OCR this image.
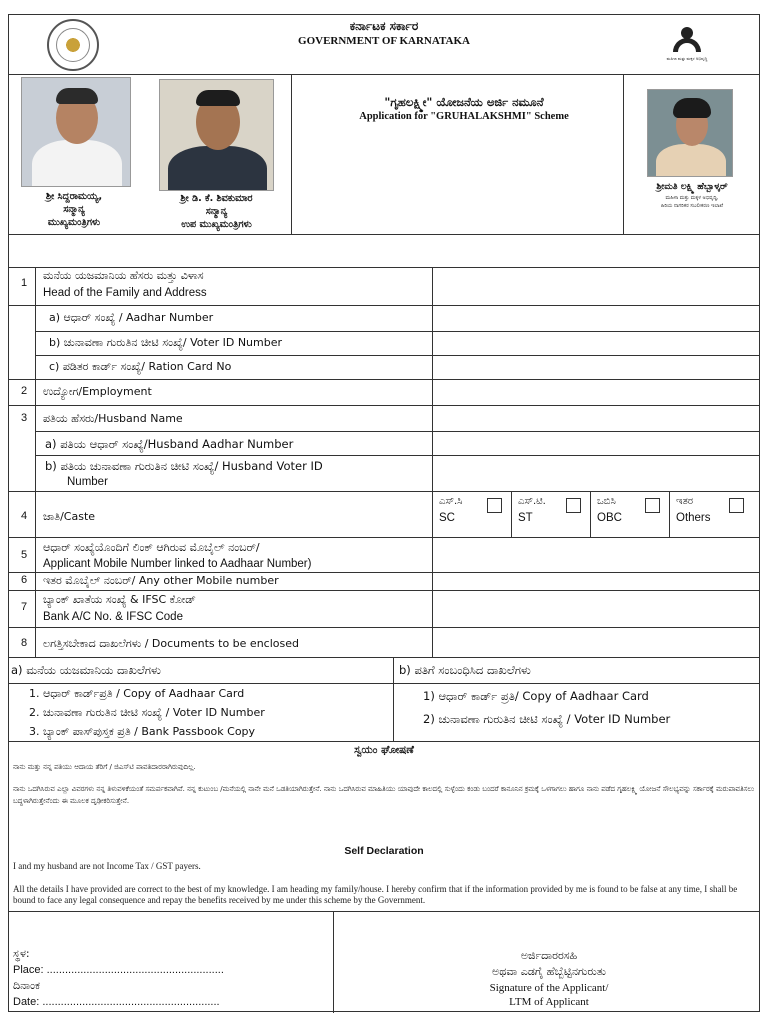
ಕರ್ನಾಟಕ ಸರ್ಕಾರ
GOVERNMENT OF KARNATAKA
ಮಹಿಳಾ ಮತ್ತು ಮಕ್ಕಳ ಅಭಿವೃದ್ಧಿ
ಶ್ರೀ ಸಿದ್ದರಾಮಯ್ಯ,
ಸನ್ಮಾನ್ಯ
ಮುಖ್ಯಮಂತ್ರಿಗಳು
ಶ್ರೀ ಡಿ. ಕೆ. ಶಿವಕುಮಾರ
ಸನ್ಮಾನ್ಯ
ಉಪ ಮುಖ್ಯಮಂತ್ರಿಗಳು
"ಗೃಹಲಕ್ಷ್ಮೀ" ಯೋಜನೆಯ ಅರ್ಜಿ ನಮೂನೆ
Application for "GRUHALAKSHMI" Scheme
ಶ್ರೀಮತಿ ಲಕ್ಷ್ಮಿ ಹೆಬ್ಬಾಳ್ಕರ್
ಮಹಿಳಾ ಮತ್ತು ಮಕ್ಕಳ ಅಭಿವೃದ್ಧಿ,
ಹಿರಿಯ ನಾಗರಿಕರ ಸಬಲೀಕರಣ ಇಲಾಖೆ
1
ಮನೆಯ ಯಜಮಾನಿಯ ಹೆಸರು ಮತ್ತು ವಿಳಾಸ
Head of the Family and Address
a) ಆಧಾರ್ ಸಂಖ್ಯೆ / Aadhar Number
b) ಚುನಾವಣಾ ಗುರುತಿನ ಚೀಟಿ ಸಂಖ್ಯೆ/ Voter ID Number
c) ಪಡಿತರ ಕಾರ್ಡ್ ಸಂಖ್ಯೆ/ Ration Card No
2	ಉದ್ಯೋಗ/Employment
3	ಪತಿಯ ಹೆಸರು/Husband Name
a) ಪತಿಯ ಆಧಾರ್ ಸಂಖ್ಯೆ/Husband Aadhar Number
b) ಪತಿಯ ಚುನಾವಣಾ ಗುರುತಿನ ಚೀಟಿ ಸಂಖ್ಯೆ/ Husband Voter ID
Number
4	ಜಾತಿ/Caste
ಎಸ್.ಸಿ
SC
ಎಸ್.ಟಿ.
ST
ಒಬಿಸಿ
OBC
ಇತರ
Others
5
ಆಧಾರ್ ಸಂಖ್ಯೆಯೊಂದಿಗೆ ಲಿಂಕ್ ಆಗಿರುವ ಮೊಬೈಲ್ ನಂಬರ್/
Applicant Mobile Number linked to Aadhaar Number)
6	ಇತರ ಮೊಬೈಲ್ ನಂಬರ್/ Any other Mobile number
7
ಬ್ಯಾಂಕ್ ಖಾತೆಯ ಸಂಖ್ಯೆ & IFSC ಕೋಡ್
Bank A/C No. & IFSC Code
8	ಲಗತ್ತಿಸಬೇಕಾದ ದಾಖಲೆಗಳು / Documents to be enclosed
a) ಮನೆಯ ಯಜಮಾನಿಯ ದಾಖಲೆಗಳು	b) ಪತಿಗೆ ಸಂಬಂಧಿಸಿದ ದಾಖಲೆಗಳು
1. ಆಧಾರ್ ಕಾರ್ಡ್‌ಪ್ರತಿ / Copy of Aadhaar Card
2. ಚುನಾವಣಾ ಗುರುತಿನ ಚೀಟಿ ಸಂಖ್ಯೆ / Voter ID Number
3. ಬ್ಯಾಂಕ್ ಪಾಸ್‌ಪುಸ್ತಕ ಪ್ರತಿ / Bank Passbook Copy
1) ಆಧಾರ್ ಕಾರ್ಡ್ ಪ್ರತಿ/ Copy of Aadhaar Card
2) ಚುನಾವಣಾ ಗುರುತಿನ ಚೀಟಿ ಸಂಖ್ಯೆ / Voter ID Number
ಸ್ವಯಂ ಘೋಷಣೆ
ನಾನು ಮತ್ತು ನನ್ನ ಪತಿಯು ಆದಾಯ ತೆರಿಗೆ / ಜಿಎಸ್‌ಟಿ ಪಾವತಿದಾರರಾಗಿರುವುದಿಲ್ಲ.
ನಾನು ಒದಗಿಸಿರುವ ಎಲ್ಲಾ ವಿವರಗಳು ನನ್ನ ತಿಳುವಳಿಕೆಯಂತೆ ಸಮರ್ಪಕವಾಗಿವೆ. ನನ್ನ ಕುಟುಂಬ /ಮನೆಯಲ್ಲಿ ನಾನೇ ಮನೆ ಒಡತಿಯಾಗಿರುತ್ತೇನೆ. ನಾನು ಒದಗಿಸಿರುವ ಮಾಹಿತಿಯು ಯಾವುದೇ ಕಾಲದಲ್ಲಿ ಸುಳ್ಳೆಂದು ಕಂಡು ಬಂದರೆ ಕಾನೂನಿನ ಕ್ರಮಕ್ಕೆ ಒಳಗಾಗಲು ಹಾಗೂ ನಾನು ಪಡೆದ ಗೃಹಲಕ್ಷ್ಮಿ ಯೋಜನೆ ಸೌಲಭ್ಯವನ್ನು ಸರ್ಕಾರಕ್ಕೆ ಮರುಪಾವತಿಸಲು ಬದ್ಧಳಾಗಿರುತ್ತೇನೆಂದು ಈ ಮೂಲಕ ದೃಢೀಕರಿಸುತ್ತೇನೆ.
Self Declaration
I and my husband are not Income Tax / GST payers.
All the details I have provided are correct to the best of my knowledge. I am heading my family/house. I hereby confirm that if the information provided by me is found to be false at any time, I shall be bound to face any legal consequence and repay the benefits received by me under this scheme by the Government.
ಸ್ಥಳ:
Place: ..........................................................
ದಿನಾಂಕ
Date: ..........................................................
ಅರ್ಜಿದಾರರಸಹಿ
ಅಥವಾ ಎಡಗೈ ಹೆಬ್ಬೆಟ್ಟಿನಗುರುತು
Signature of the Applicant/
LTM of Applicant
